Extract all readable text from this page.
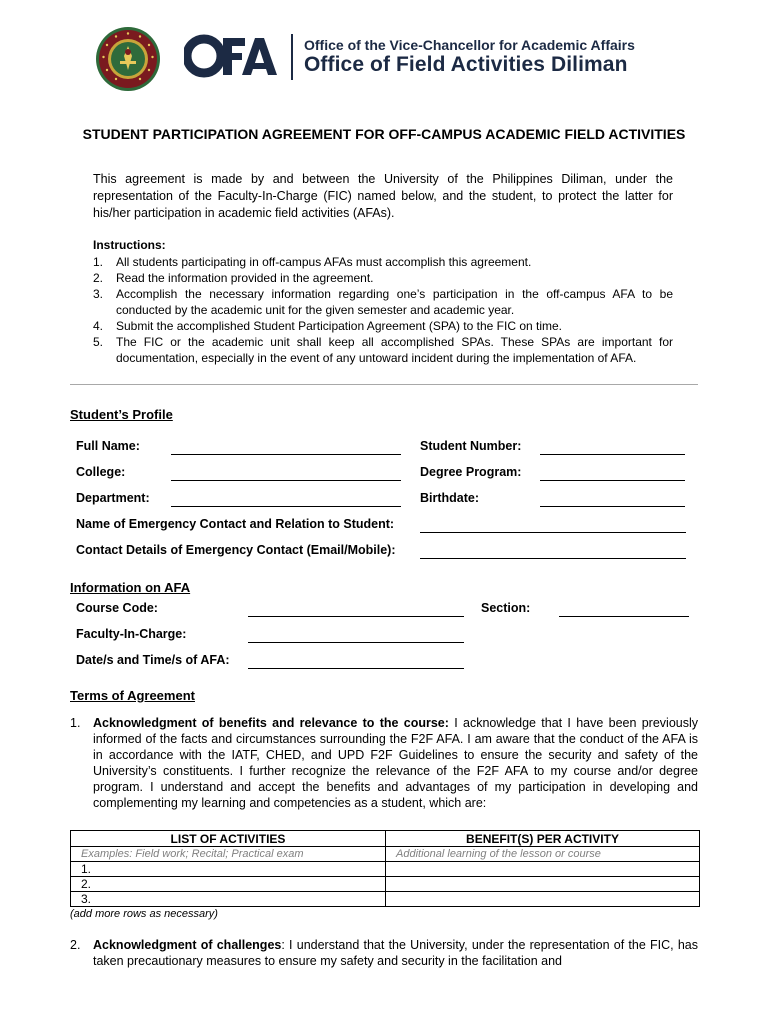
Office of the Vice-Chancellor for Academic Affairs
Office of Field Activities Diliman
STUDENT PARTICIPATION AGREEMENT FOR OFF-CAMPUS ACADEMIC FIELD ACTIVITIES
This agreement is made by and between the University of the Philippines Diliman, under the representation of the Faculty-In-Charge (FIC) named below, and the student, to protect the latter for his/her participation in academic field activities (AFAs).
Instructions:
1. All students participating in off-campus AFAs must accomplish this agreement.
2. Read the information provided in the agreement.
3. Accomplish the necessary information regarding one’s participation in the off-campus AFA to be conducted by the academic unit for the given semester and academic year.
4. Submit the accomplished Student Participation Agreement (SPA) to the FIC on time.
5. The FIC or the academic unit shall keep all accomplished SPAs. These SPAs are important for documentation, especially in the event of any untoward incident during the implementation of AFA.
Student’s Profile
Full Name:	Student Number:
College:	Degree Program:
Department:	Birthdate:
Name of Emergency Contact and Relation to Student:
Contact Details of Emergency Contact (Email/Mobile):
Information on AFA
Course Code:	Section:
Faculty-In-Charge:
Date/s and Time/s of AFA:
Terms of Agreement
1. Acknowledgment of benefits and relevance to the course: I acknowledge that I have been previously informed of the facts and circumstances surrounding the F2F AFA. I am aware that the conduct of the AFA is in accordance with the IATF, CHED, and UPD F2F Guidelines to ensure the security and safety of the University’s constituents. I further recognize the relevance of the F2F AFA to my course and/or degree program. I understand and accept the benefits and advantages of my participation in developing and complementing my learning and competencies as a student, which are:
LIST OF ACTIVITIES	BENEFIT(S) PER ACTIVITY
Examples: Field work; Recital; Practical exam	Additional learning of the lesson or course
1.	
2.	
3.	
(add more rows as necessary)
2. Acknowledgment of challenges: I understand that the University, under the representation of the FIC, has taken precautionary measures to ensure my safety and security in the facilitation and
